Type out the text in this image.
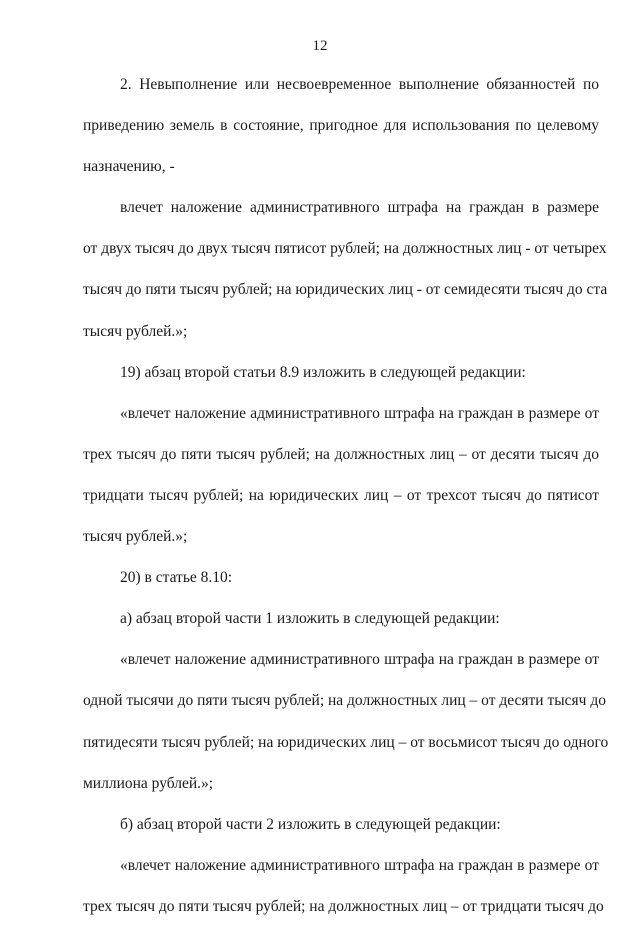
12
2. Невыполнение или несвоевременное выполнение обязанностей по
приведению земель в состояние, пригодное для использования по целевому
назначению, -
влечет наложение административного штрафа на граждан в размере
от двух тысяч до двух тысяч пятисот рублей; на должностных лиц - от четырех
тысяч до пяти тысяч рублей; на юридических лиц - от семидесяти тысяч до ста
тысяч рублей.»;
19) абзац второй статьи 8.9 изложить в следующей редакции:
«влечет наложение административного штрафа на граждан в размере от
трех тысяч до пяти тысяч рублей; на должностных лиц – от десяти тысяч до
тридцати тысяч рублей; на юридических лиц – от трехсот тысяч до пятисот
тысяч рублей.»;
20) в статье 8.10:
а) абзац второй части 1 изложить в следующей редакции:
«влечет наложение административного штрафа на граждан в размере от
одной тысячи до пяти тысяч рублей; на должностных лиц – от десяти тысяч до
пятидесяти тысяч рублей; на юридических лиц – от восьмисот тысяч до одного
миллиона рублей.»;
б) абзац второй части 2 изложить в следующей редакции:
«влечет наложение административного штрафа на граждан в размере от
трех тысяч до пяти тысяч рублей; на должностных лиц – от тридцати тысяч до
